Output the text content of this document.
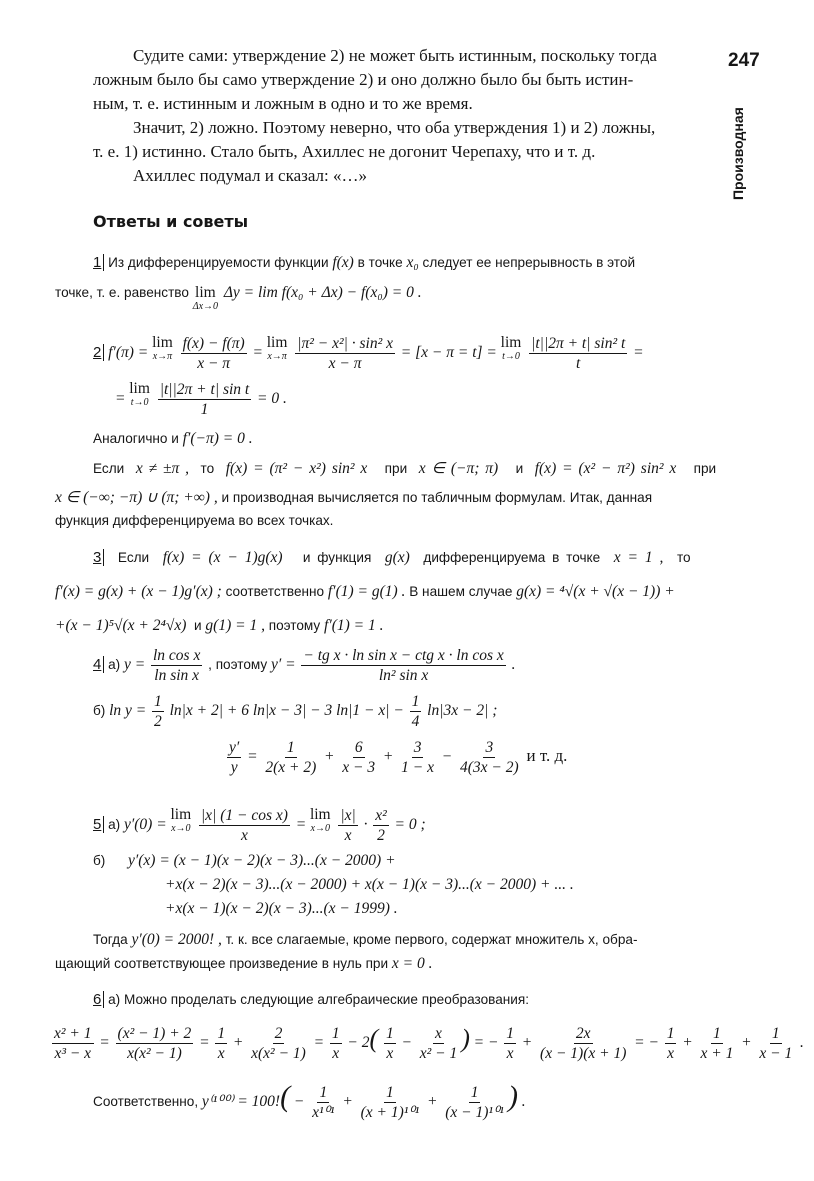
247
Производная
Судите сами: утверждение 2) не может быть истинным, поскольку тогда
ложным было бы само утверждение 2) и оно должно было бы быть истин-
ным, т. е. истинным и ложным в одно и то же время.
Значит, 2) ложно. Поэтому неверно, что оба утверждения 1) и 2) ложны,
т. е. 1) истинно. Стало быть, Ахиллес не догонит Черепаху, что и т. д.
Ахиллес подумал и сказал: «…»
Ответы и советы
1 Из дифференцируемости функции f(x) в точке x₀ следует ее непрерывность в этой
точке, т. е. равенство lim
Δx→0
Δy = lim f(x₀ + Δx) − f(x₀) = 0 .
2 f′(π) =
lim
x→π
$\frac{f(x) - f(\pi)}{x - \pi}$ =
lim
x→π
$\frac{\text{|π² − x²| · sin² x}}{x - \pi} = [x - \pi = t]$ =
lim
t→0
$\frac{\text{|t||2π + t| sin² t}}{t}$ =
=
lim
t→0
$\frac{\text{|t||2π + t| sin t}}{1} = 0$ .
Аналогично и f′(−π) = 0 .
Если x ≠ ±π , то f(x) = (π² − x²) sin² x при x ∈ (−π; π) и f(x) = (x² − π²) sin² x при
x ∈ (−∞; −π) ∪ (π; +∞) , и производная вычисляется по табличным формулам. Итак, данная
функция дифференцируема во всех точках.
3 Если f(x) = (x − 1)g(x) и функция g(x) дифференцируема в точке x = 1 , то
f′(x) = g(x) + (x − 1)g′(x) ; соответственно f′(1) = g(1) . В нашем случае g(x) = ⁴√(x + √(x − 1)) +
+(x − 1)⁵√(x + 2⁴√x) и g(1) = 1 , поэтому f′(1) = 1 .
4 а) $y = \frac{\text{ln cos x}}{\text{ln sin x}}$ , поэтому $y' = \frac{\text{− tg x · ln sin x − ctg x · ln cos x}}{\text{ln² sin x}}$ .
б) $\ln y = \frac{1}{2} \ln|x + 2| + 6$ ln|x − 3| − 3 $\ln|1 - x| - \frac{1}{4} \ln|3x - 2|$ ;
$\frac{y'}{y} = \frac{1}{2(x + 2)} + \frac{6}{x - 3} + \frac{3}{1 - x} - \frac{3}{4(3x - 2)}$ и т. д.
5 а) y′(0) =
lim
x→0
$\frac{\text{|x| (1 − cos x)}}{x}$ =
lim
x→0
$\frac{|x|}{x} \cdot \frac{\text{x²}}{2} = 0$ ;
б) y′(x) = (x − 1)(x − 2)(x − 3)...(x − 2000) +
+x(x − 2)(x − 3)...(x − 2000) + x(x − 1)(x − 3)...(x − 2000) + ... .
+x(x − 1)(x − 2)(x − 3)...(x − 1999) .
Тогда y′(0) = 2000! , т. к. все слагаемые, кроме первого, содержат множитель x, обра-
щающий соответствующее произведение в нуль при x = 0 .
6 а) Можно проделать следующие алгебраические преобразования:
$\frac{\text{x² + 1}}{\text{x³ − x}} = \frac{\text{(x² − 1) + 2}}{\text{x(x² − 1)}} = \frac{1}{x} + \frac{2}{\text{x(x² − 1)}} = \frac{1}{x} - 2( \frac{1}{x} - \frac{x}{\text{x² − 1}}$ ) = − $\frac{1}{x} + \frac{2x}{(x - 1)(x + 1)}$ = − $\frac{1}{x} + \frac{1}{x + 1} + \frac{1}{x - 1}$ .
Соответственно, $y^{(100)} = 100!( - \frac{1}{\text{x¹⁰¹}} + \frac{1}{\text{(x + 1)¹⁰¹}} + \frac{1}{\text{(x − 1)¹⁰¹}}$ ) .
